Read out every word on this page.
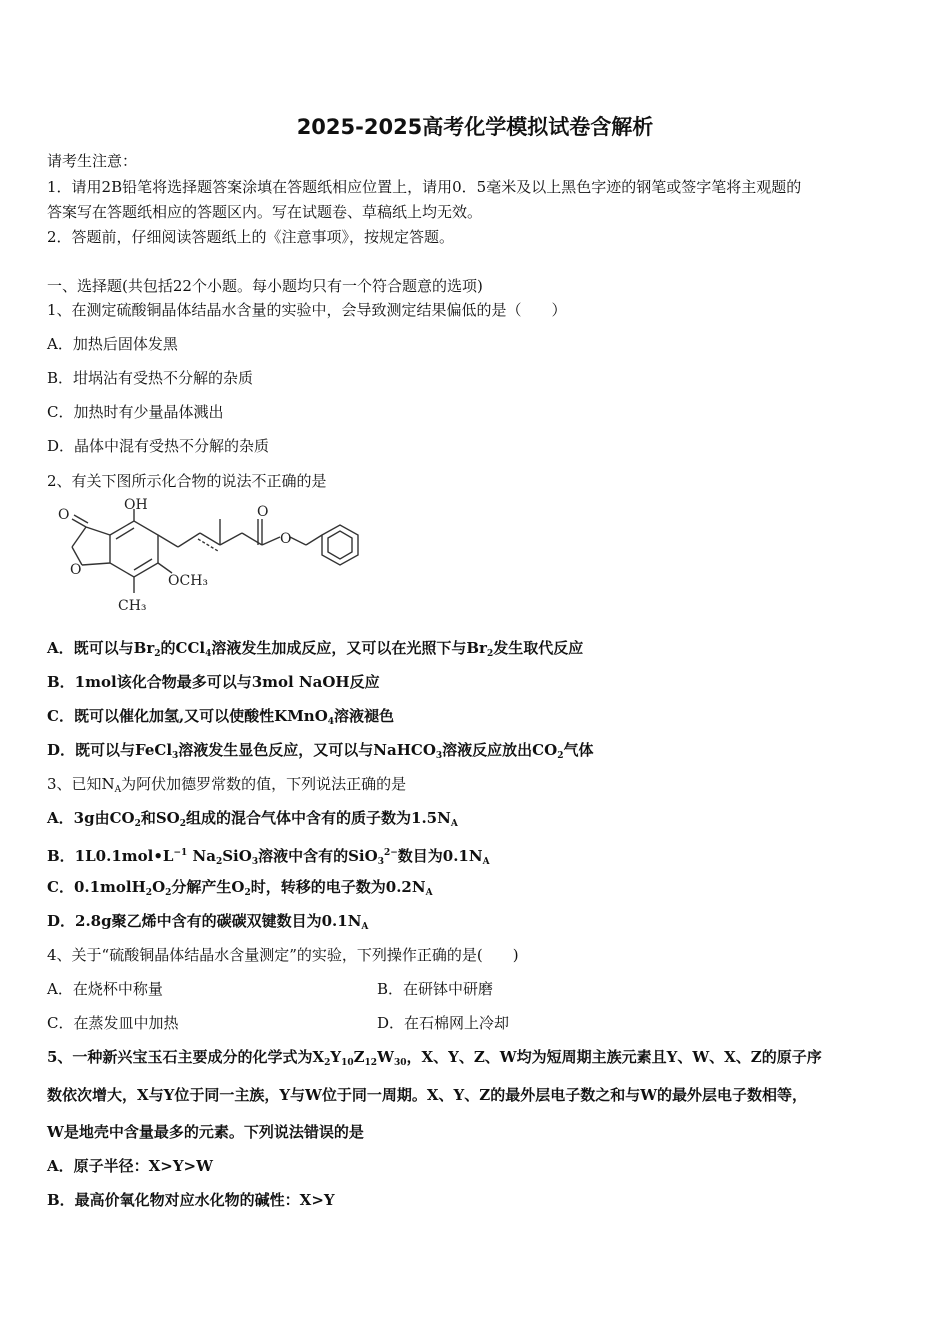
2025-2025高考化学模拟试卷含解析
请考生注意：
1．请用2B铅笔将选择题答案涂填在答题纸相应位置上，请用0．5毫米及以上黑色字迹的钢笔或签字笔将主观题的
答案写在答题纸相应的答题区内。写在试题卷、草稿纸上均无效。
2．答题前，仔细阅读答题纸上的《注意事项》，按规定答题。
一、选择题(共包括22个小题。每小题均只有一个符合题意的选项)
1、在测定硫酸铜晶体结晶水含量的实验中，会导致测定结果偏低的是（　　）
A．加热后固体发黑
B．坩埚沾有受热不分解的杂质
C．加热时有少量晶体溅出
D．晶体中混有受热不分解的杂质
2、有关下图所示化合物的说法不正确的是
O
O
OH	O
O
OCH₃
CH₃
A．既可以与$Br_2$的CCl$_4$溶液发生加成反应，又可以在光照下与$Br_2$发生取代反应
B．1mol该化合物最多可以与3mol NaOH反应
C．既可以催化加氢,又可以使酸性KMnO$_4$溶液褪色
D．既可以与FeCl$_3$溶液发生显色反应，又可以与NaHCO$_3$溶液反应放出$CO_2$气体
3、已知$N_A$为阿伏加德罗常数的值，下列说法正确的是
A．3g由$CO_2$和$SO_2$组成的混合气体中含有的质子数为$1.5N_A$
B．$1L0.1mol•L^{-1}$ $Na_2SiO_3$溶液中含有的SiO$_3^{2-}$数目为$0.1N_A$
C．$0.1molH_2O_2$分解产生$O_2$时，转移的电子数为$0.2N_A$
D．2.8g聚乙烯中含有的碳碳双键数目为$0.1N_A$
4、关于“硫酸铜晶体结晶水含量测定”的实验，下列操作正确的是(　　)
A．在烧杯中称量	B．在研钵中研磨
C．在蒸发皿中加热	D．在石棉网上冷却
5、一种新兴宝玉石主要成分的化学式为$X_2Y_{10}Z_{12}W_{30}$，X、Y、Z、W均为短周期主族元素且Y、W、X、Z的原子序
数依次增大，X与Y位于同一主族，Y与W位于同一周期。X、Y、Z的最外层电子数之和与W的最外层电子数相等，
W是地壳中含量最多的元素。下列说法错误的是
A．原子半径：X>Y>W
B．最高价氧化物对应水化物的碱性：X>Y
